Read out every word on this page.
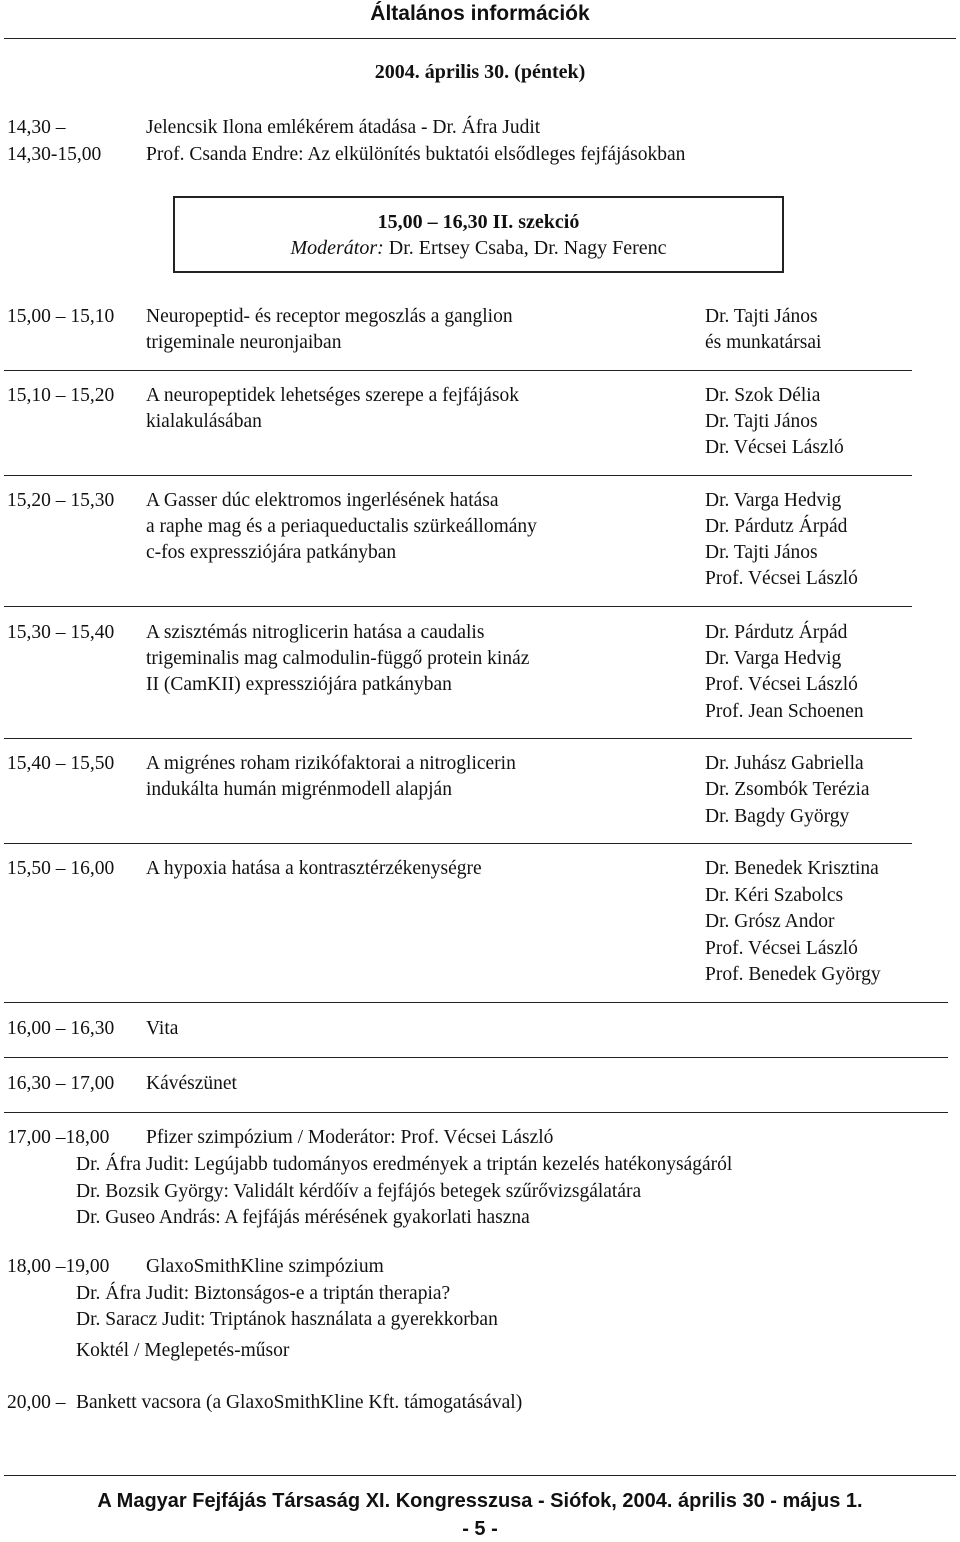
Általános információk
2004. április 30. (péntek)
14,30 –	Jelencsik Ilona emlékérem átadása - Dr. Áfra Judit
14,30-15,00 Prof. Csanda Endre: Az elkülönítés buktatói elsődleges fejfájásokban
15,00 – 16,30 II. szekció
Moderátor: Dr. Ertsey Csaba, Dr. Nagy Ferenc
15,00 – 15,10 Neuropeptid- és receptor megoszlás a ganglion
trigeminale neuronjaiban
Dr. Tajti János
és munkatársai
15,10 – 15,20 A neuropeptidek lehetséges szerepe a fejfájások
kialakulásában
Dr. Szok Délia
Dr. Tajti János
Dr. Vécsei László
15,20 – 15,30 A Gasser dúc elektromos ingerlésének hatása
a raphe mag és a periaqueductalis szürkeállomány
c-fos expressziójára patkányban
Dr. Varga Hedvig
Dr. Párdutz Árpád
Dr. Tajti János
Prof. Vécsei László
15,30 – 15,40 A szisztémás nitroglicerin hatása a caudalis
trigeminalis mag calmodulin-függő protein kináz
II (CamKII) expressziójára patkányban
Dr. Párdutz Árpád
Dr. Varga Hedvig
Prof. Vécsei László
Prof. Jean Schoenen
15,40 – 15,50 A migrénes roham rizikófaktorai a nitroglicerin
indukálta humán migrénmodell alapján
Dr. Juhász Gabriella
Dr. Zsombók Terézia
Dr. Bagdy György
15,50 – 16,00 A hypoxia hatása a kontrasztérzékenységre	Dr. Benedek Krisztina
Dr. Kéri Szabolcs
Dr. Grósz Andor
Prof. Vécsei László
Prof. Benedek György
16,00 – 16,30 Vita
16,30 – 17,00 Kávészünet
17,00 –18,00 Pfizer szimpózium / Moderátor: Prof. Vécsei László
Dr. Áfra Judit: Legújabb tudományos eredmények a triptán kezelés hatékonyságáról
Dr. Bozsik György: Validált kérdőív a fejfájós betegek szűrővizsgálatára
Dr. Guseo András: A fejfájás mérésének gyakorlati haszna
18,00 –19,00 GlaxoSmithKline szimpózium
Dr. Áfra Judit: Biztonságos-e a triptán therapia?
Dr. Saracz Judit: Triptánok használata a gyerekkorban
Koktél / Meglepetés-műsor
20,00 – Bankett vacsora (a GlaxoSmithKline Kft. támogatásával)
A Magyar Fejfájás Társaság XI. Kongresszusa - Siófok, 2004. április 30 - május 1.
- 5 -
